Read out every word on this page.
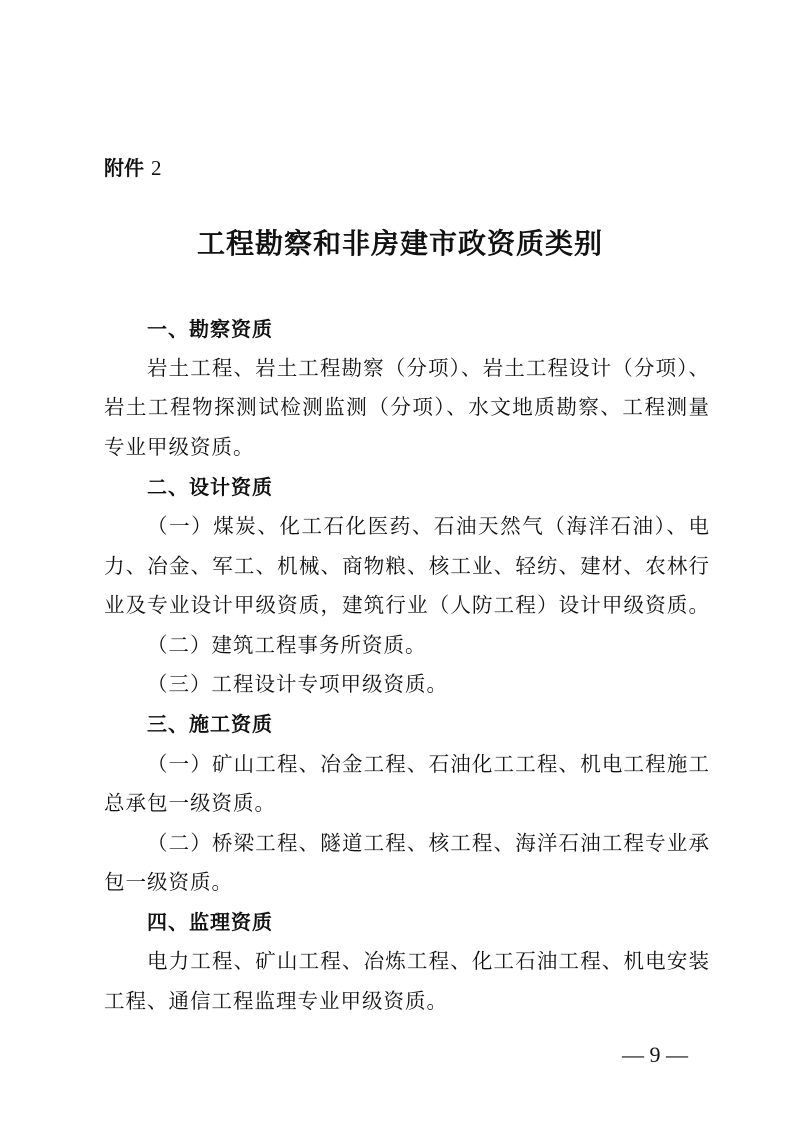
附件 2
工程勘察和非房建市政资质类别
一、勘察资质
岩土工程、岩土工程勘察（分项）、岩土工程设计（分项）、
岩土工程物探测试检测监测（分项）、水文地质勘察、工程测量
专业甲级资质。
二、设计资质
（一）煤炭、化工石化医药、石油天然气（海洋石油）、电
力、冶金、军工、机械、商物粮、核工业、轻纺、建材、农林行
业及专业设计甲级资质，建筑行业（人防工程）设计甲级资质。
（二）建筑工程事务所资质。
（三）工程设计专项甲级资质。
三、施工资质
（一）矿山工程、冶金工程、石油化工工程、机电工程施工
总承包一级资质。
（二）桥梁工程、隧道工程、核工程、海洋石油工程专业承
包一级资质。
四、监理资质
电力工程、矿山工程、冶炼工程、化工石油工程、机电安装
工程、通信工程监理专业甲级资质。
— 9 —
